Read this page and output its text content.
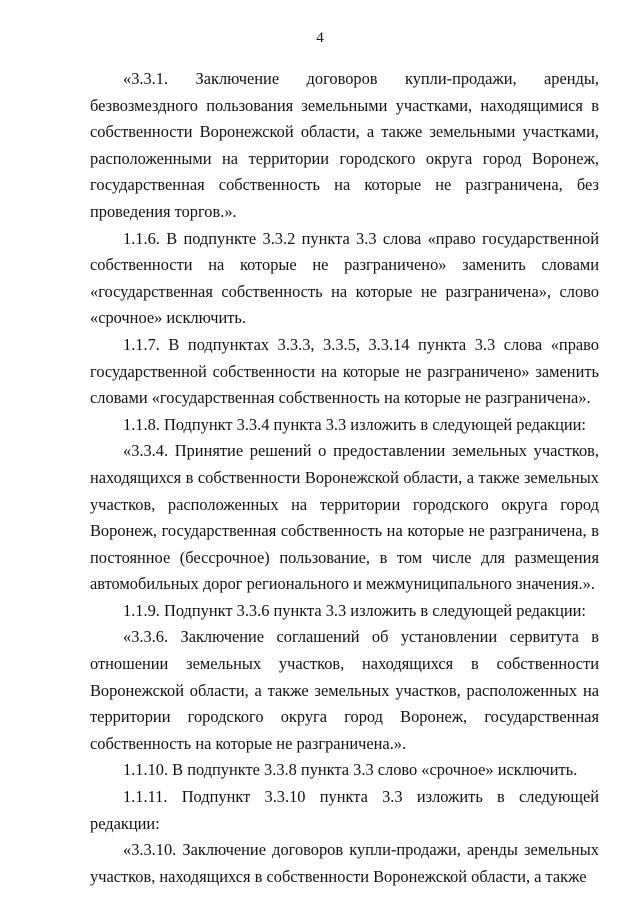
4

«3.3.1. Заключение договоров купли-продажи, аренды, безвозмездного пользования земельными участками, находящимися в собственности Воронежской области, а также земельными участками, расположенными на территории городского округа город Воронеж, государственная собственность на которые не разграничена, без проведения торгов.».

1.1.6. В подпункте 3.3.2 пункта 3.3 слова «право государственной собственности на которые не разграничено» заменить словами «государственная собственность на которые не разграничена», слово «срочное» исключить.

1.1.7. В подпунктах 3.3.3, 3.3.5, 3.3.14 пункта 3.3 слова «право государственной собственности на которые не разграничено» заменить словами «государственная собственность на которые не разграничена».

1.1.8. Подпункт 3.3.4 пункта 3.3 изложить в следующей редакции:

«3.3.4. Принятие решений о предоставлении земельных участков, находящихся в собственности Воронежской области, а также земельных участков, расположенных на территории городского округа город Воронеж, государственная собственность на которые не разграничена, в постоянное (бессрочное) пользование, в том числе для размещения автомобильных дорог регионального и межмуниципального значения.».

1.1.9. Подпункт 3.3.6 пункта 3.3 изложить в следующей редакции:

«3.3.6. Заключение соглашений об установлении сервитута в отношении земельных участков, находящихся в собственности Воронежской области, а также земельных участков, расположенных на территории городского округа город Воронеж, государственная собственность на которые не разграничена.».

1.1.10. В подпункте 3.3.8 пункта 3.3 слово «срочное» исключить.

1.1.11. Подпункт 3.3.10 пункта 3.3 изложить в следующей редакции:

«3.3.10. Заключение договоров купли-продажи, аренды земельных участков, находящихся в собственности Воронежской области, а также
